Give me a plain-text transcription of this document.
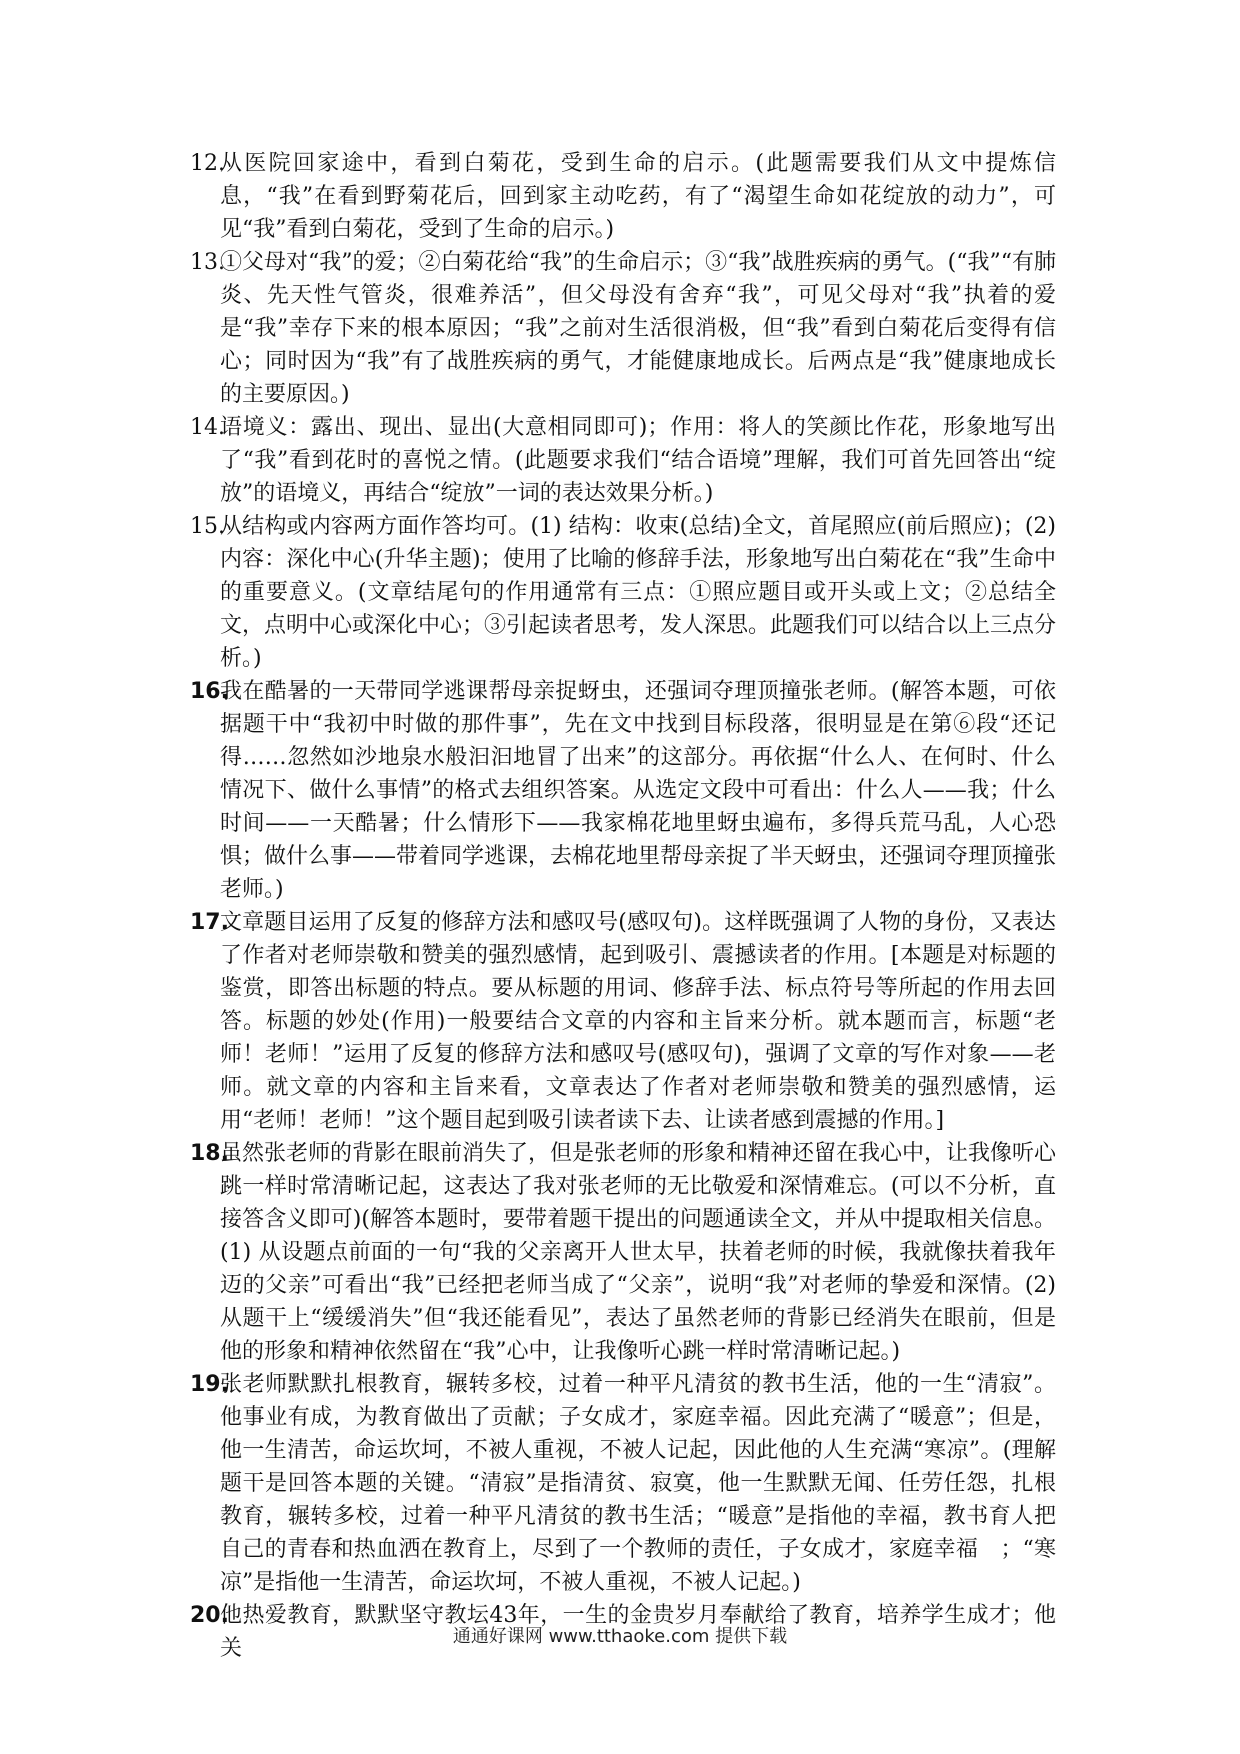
12.
从医院回家途中，看到白菊花，受到生命的启示。(此题需要我们从文中提炼信息，“我”在看到野菊花后，回到家主动吃药，有了“渴望生命如花绽放的动力”，可见“我”看到白菊花，受到了生命的启示。)

13.
①父母对“我”的爱；②白菊花给“我”的生命启示；③“我”战胜疾病的勇气。(“我”“有肺炎、先天性气管炎，很难养活”，但父母没有舍弃“我”，可见父母对“我”执着的爱是“我”幸存下来的根本原因；“我”之前对生活很消极，但“我”看到白菊花后变得有信心；同时因为“我”有了战胜疾病的勇气，才能健康地成长。后两点是“我”健康地成长的主要原因。)

14.
语境义：露出、现出、显出(大意相同即可)；作用：将人的笑颜比作花，形象地写出了“我”看到花时的喜悦之情。(此题要求我们“结合语境”理解，我们可首先回答出“绽放”的语境义，再结合“绽放”一词的表达效果分析。)

15.
从结构或内容两方面作答均可。(1) 结构：收束(总结)全文，首尾照应(前后照应)；(2) 内容：深化中心(升华主题)；使用了比喻的修辞手法，形象地写出白菊花在“我”生命中的重要意义。(文章结尾句的作用通常有三点：①照应题目或开头或上文；②总结全文，点明中心或深化中心；③引起读者思考，发人深思。此题我们可以结合以上三点分析。)

16.
我在酷暑的一天带同学逃课帮母亲捉蚜虫，还强词夺理顶撞张老师。(解答本题，可依据题干中“我初中时做的那件事”，先在文中找到目标段落，很明显是在第⑥段“还记得……忽然如沙地泉水般汩汩地冒了出来”的这部分。再依据“什么人、在何时、什么情况下、做什么事情”的格式去组织答案。从选定文段中可看出：什么人——我；什么时间——一天酷暑；什么情形下——我家棉花地里蚜虫遍布，多得兵荒马乱，人心恐惧；做什么事——带着同学逃课，去棉花地里帮母亲捉了半天蚜虫，还强词夺理顶撞张老师。)

17.
文章题目运用了反复的修辞方法和感叹号(感叹句)。这样既强调了人物的身份，又表达了作者对老师崇敬和赞美的强烈感情，起到吸引、震撼读者的作用。[本题是对标题的鉴赏，即答出标题的特点。要从标题的用词、修辞手法、标点符号等所起的作用去回答。标题的妙处(作用)一般要结合文章的内容和主旨来分析。就本题而言，标题“老师！老师！”运用了反复的修辞方法和感叹号(感叹句)，强调了文章的写作对象——老师。就文章的内容和主旨来看，文章表达了作者对老师崇敬和赞美的强烈感情，运用“老师！老师！”这个题目起到吸引读者读下去、让读者感到震撼的作用。]

18.
虽然张老师的背影在眼前消失了，但是张老师的形象和精神还留在我心中，让我像听心跳一样时常清晰记起，这表达了我对张老师的无比敬爱和深情难忘。(可以不分析，直接答含义即可)(解答本题时，要带着题干提出的问题通读全文，并从中提取相关信息。(1) 从设题点前面的一句“我的父亲离开人世太早，扶着老师的时候，我就像扶着我年迈的父亲”可看出“我”已经把老师当成了“父亲”，说明“我”对老师的挚爱和深情。(2) 从题干上“缓缓消失”但“我还能看见”，表达了虽然老师的背影已经消失在眼前，但是他的形象和精神依然留在“我”心中，让我像听心跳一样时常清晰记起。)

19.
张老师默默扎根教育，辗转多校，过着一种平凡清贫的教书生活，他的一生“清寂”。他事业有成，为教育做出了贡献；子女成才，家庭幸福。因此充满了“暖意”；但是，他一生清苦，命运坎坷，不被人重视，不被人记起，因此他的人生充满“寒凉”。(理解题干是回答本题的关键。“清寂”是指清贫、寂寞，他一生默默无闻、任劳任怨，扎根教育，辗转多校，过着一种平凡清贫的教书生活；“暖意”是指他的幸福，教书育人把自己的青春和热血洒在教育上，尽到了一个教师的责任，子女成才，家庭幸福　；“寒凉”是指他一生清苦，命运坎坷，不被人重视，不被人记起。)

20.
他热爱教育，默默坚守教坛43年，一生的金贵岁月奉献给了教育，培养学生成才；他关	通通好课网 www.tthaoke.com 提供下载
